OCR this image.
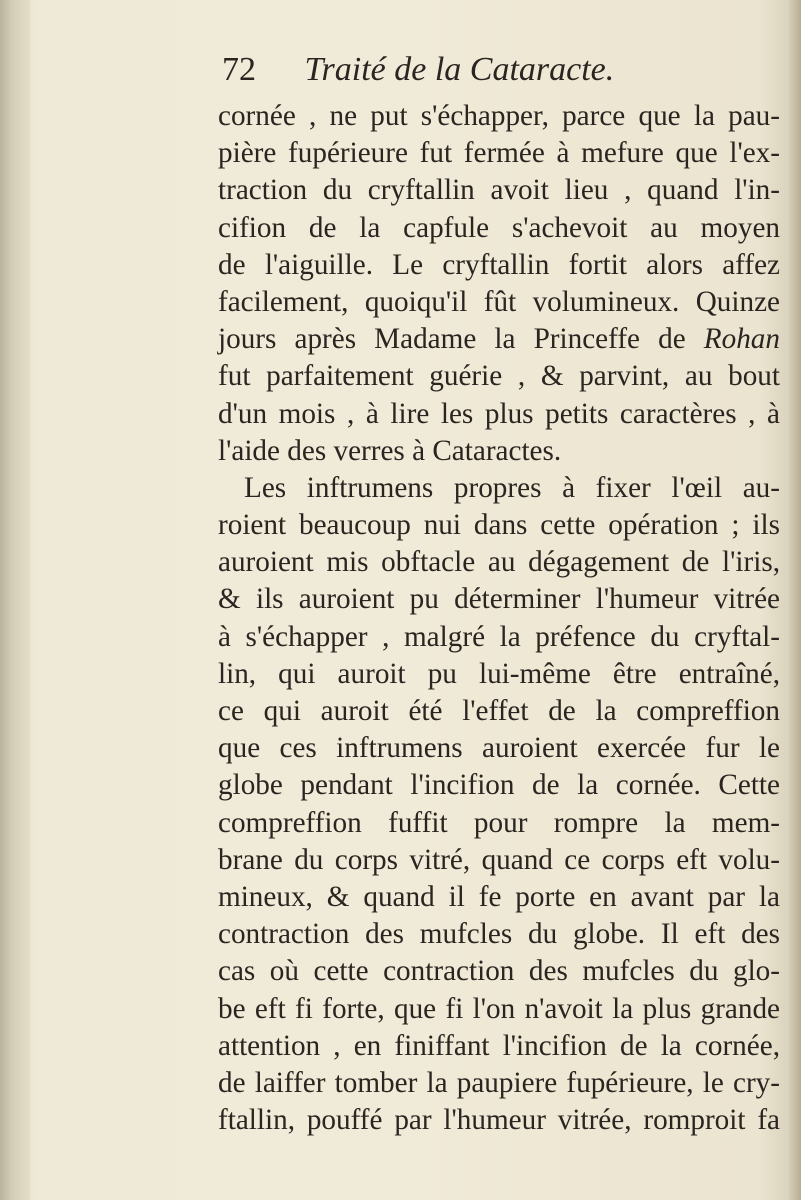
72 Traité de la Cataracte.
cornée , ne put s'échapper, parce que la pau-
pière fupérieure fut fermée à mefure que l'ex-
traction du cryftallin avoit lieu , quand l'in-
cifion de la capfule s'achevoit au moyen
de l'aiguille. Le cryftallin fortit alors affez
facilement, quoiqu'il fût volumineux. Quinze
jours après Madame la Princeffe de Rohan
fut parfaitement guérie , & parvint, au bout
d'un mois , à lire les plus petits caractères , à
l'aide des verres à Cataractes.
Les inftrumens propres à fixer l'œil au-
roient beaucoup nui dans cette opération ; ils
auroient mis obftacle au dégagement de l'iris,
& ils auroient pu déterminer l'humeur vitrée
à s'échapper , malgré la préfence du cryftal-
lin, qui auroit pu lui-même être entraîné,
ce qui auroit été l'effet de la compreffion
que ces inftrumens auroient exercée fur le
globe pendant l'incifion de la cornée. Cette
compreffion fuffit pour rompre la mem-
brane du corps vitré, quand ce corps eft volu-
mineux, & quand il fe porte en avant par la
contraction des mufcles du globe. Il eft des
cas où cette contraction des mufcles du glo-
be eft fi forte, que fi l'on n'avoit la plus grande
attention , en finiffant l'incifion de la cornée,
de laiffer tomber la paupiere fupérieure, le cry-
ftallin, pouffé par l'humeur vitrée, romproit fa
